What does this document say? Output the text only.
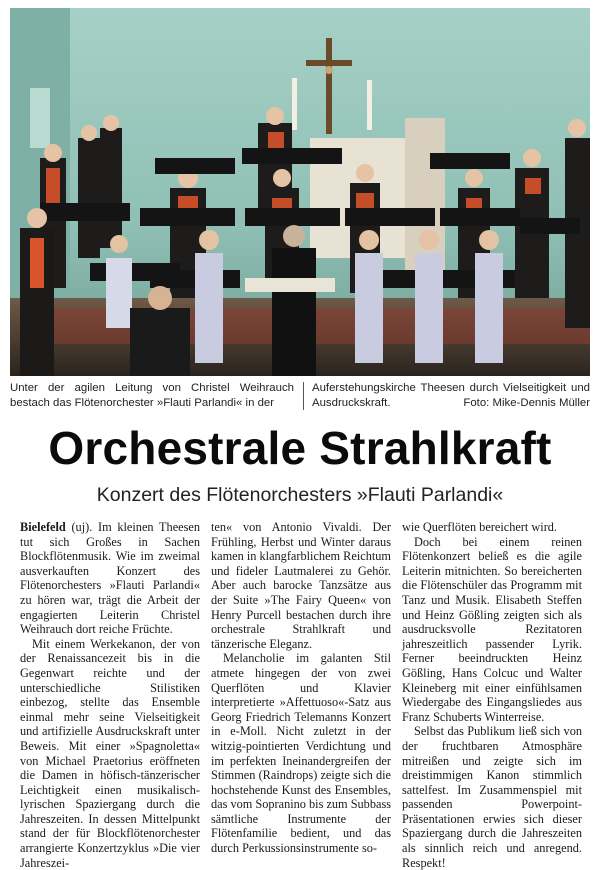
Unter der agilen Leitung von Christel Weihrauch bestach das Flötenorchester »Flauti Parlandi« in der
Auferstehungskirche Theesen durch Vielseitigkeit und Ausdruckskraft.	Foto: Mike-Dennis Müller
Orchestrale Strahlkraft
Konzert des Flötenorchesters »Flauti Parlandi«

Bielefeld (uj). Im kleinen Theesen tut sich Großes in Sachen Blockflötenmusik. Wie im zweimal ausverkauften Konzert des Flötenorchesters »Flauti Parlandi« zu hören war, trägt die Arbeit der engagierten Leiterin Christel Weihrauch dort reiche Früchte.

Mit einem Werkekanon, der von der Renaissancezeit bis in die Gegenwart reichte und der unterschiedliche Stilistiken einbezog, stellte das Ensemble einmal mehr seine Vielseitigkeit und artifizielle Ausdruckskraft unter Beweis. Mit einer »Spagnoletta« von Michael Praetorius eröffneten die Damen in höfisch-tänzerischer Leichtigkeit einen musikalisch-lyrischen Spaziergang durch die Jahreszeiten. In dessen Mittelpunkt stand der für Blockflötenorchester arrangierte Konzertzyklus »Die vier Jahreszei-

ten« von Antonio Vivaldi. Der Frühling, Herbst und Winter daraus kamen in klangfarblichem Reichtum und fideler Lautmalerei zu Gehör. Aber auch barocke Tanzsätze aus der Suite »The Fairy Queen« von Henry Purcell bestachen durch ihre orchestrale Strahlkraft und tänzerische Eleganz.

Melancholie im galanten Stil atmete hingegen der von zwei Querflöten und Klavier interpretierte »Affettuoso«-Satz aus Georg Friedrich Telemanns Konzert in e-Moll. Nicht zuletzt in der witzig-pointierten Verdichtung und im perfekten Ineinandergreifen der Stimmen (Raindrops) zeigte sich die hochstehende Kunst des Ensembles, das vom Sopranino bis zum Subbass sämtliche Instrumente der Flötenfamilie bedient, und das durch Perkussionsinstrumente so-

wie Querflöten bereichert wird.

Doch bei einem reinen Flötenkonzert beließ es die agile Leiterin mitnichten. So bereicherten die Flötenschüler das Programm mit Tanz und Musik. Elisabeth Steffen und Heinz Gößling zeigten sich als ausdrucksvolle Rezitatoren jahreszeitlich passender Lyrik. Ferner beeindruckten Heinz Gößling, Hans Colcuc und Walter Kleineberg mit einer einfühlsamen Wiedergabe des Eingangsliedes aus Franz Schuberts Winterreise.

Selbst das Publikum ließ sich von der fruchtbaren Atmosphäre mitreißen und zeigte sich im dreistimmigen Kanon stimmlich sattelfest. Im Zusammenspiel mit passenden Powerpoint-Präsentationen erwies sich dieser Spaziergang durch die Jahreszeiten als sinnlich reich und anregend. Respekt!
